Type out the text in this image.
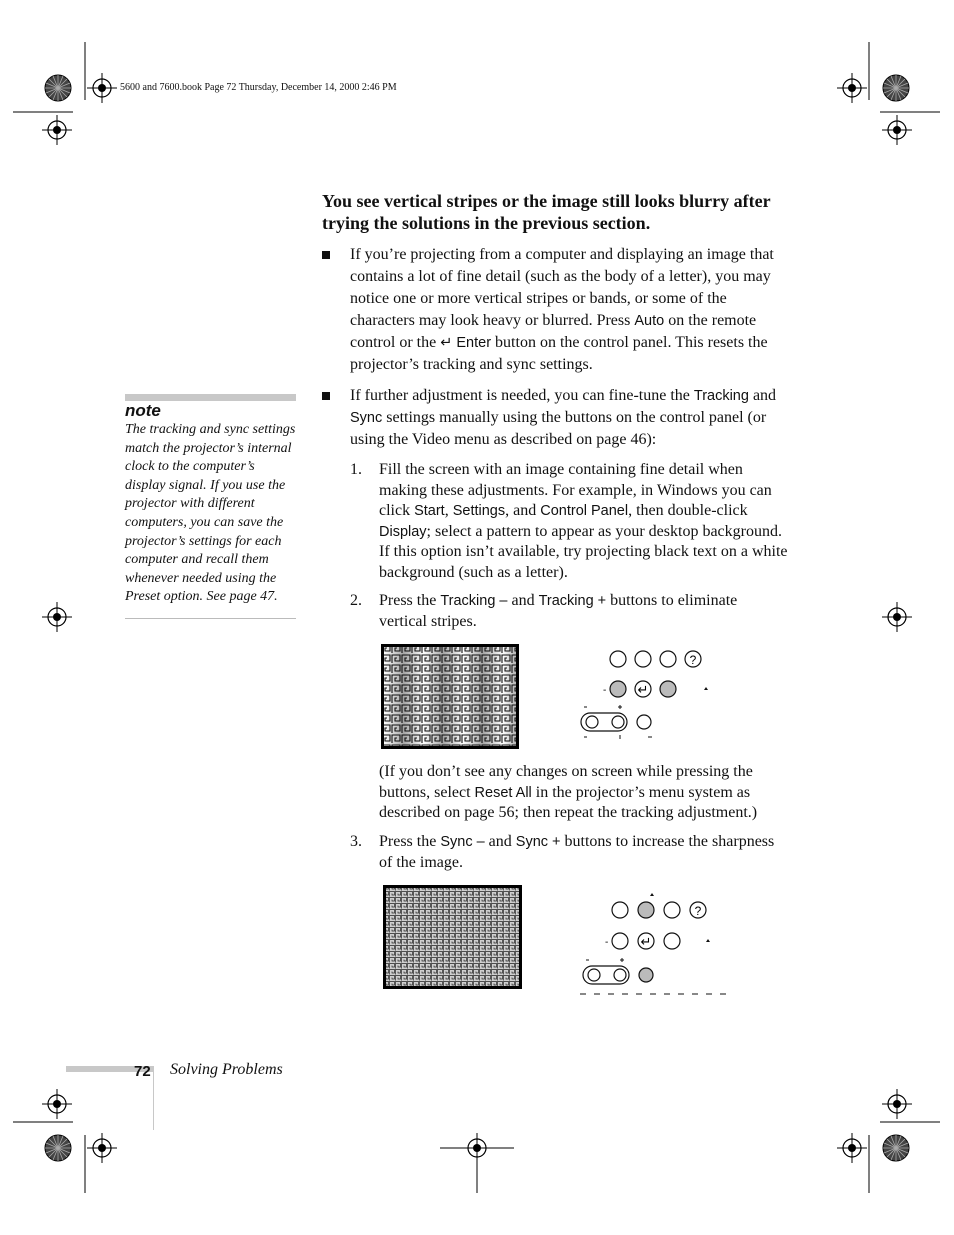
5600 and 7600.book Page 72 Thursday, December 14, 2000 2:46 PM
You see vertical stripes or the image still looks blurry after trying the solutions in the previous section.
If you’re projecting from a computer and displaying an image that contains a lot of fine detail (such as the body of a letter), you may notice one or more vertical stripes or bands, or some of the characters may look heavy or blurred. Press Auto on the remote control or the ↵ Enter button on the control panel. This resets the projector’s tracking and sync settings.
If further adjustment is needed, you can fine-tune the Tracking and Sync settings manually using the buttons on the control panel (or using the Video menu as described on page 46):
1. Fill the screen with an image containing fine detail when making these adjustments. For example, in Windows you can click Start, Settings, and Control Panel, then double-click Display; select a pattern to appear as your desktop background. If this option isn’t available, try projecting black text on a white background (such as a letter).
2. Press the Tracking – and Tracking + buttons to eliminate vertical stripes.
?
↵
-
(If you don’t see any changes on screen while pressing the buttons, select Reset All in the projector’s menu system as described on page 56; then repeat the tracking adjustment.)
3. Press the Sync – and Sync + buttons to increase the sharpness of the image.
?
↵
-
note
The tracking and sync settings match the projector’s internal clock to the computer’s display signal. If you use the projector with different computers, you can save the projector’s settings for each computer and recall them whenever needed using the Preset option. See page 47.
72 Solving Problems
